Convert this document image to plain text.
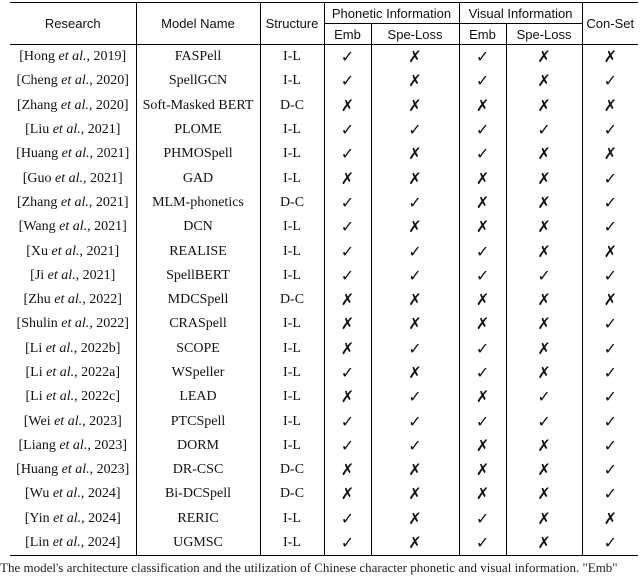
Research	Model Name	Structure	Phonetic Information		Visual Information		Con-Set
			Emb	Spe-Loss	Emb	Spe-Loss	
[Hong et al., 2019]	FASPell	I-L	✓	✗	✓	✗	✗
[Cheng et al., 2020]	SpellGCN	I-L	✓	✗	✓	✗	✓
[Zhang et al., 2020]	Soft-Masked BERT	D-C	✗	✗	✗	✗	✗
[Liu et al., 2021]	PLOME	I-L	✓	✓	✓	✓	✓
[Huang et al., 2021]	PHMOSpell	I-L	✓	✗	✓	✗	✗
[Guo et al., 2021]	GAD	I-L	✗	✗	✗	✗	✓
[Zhang et al., 2021]	MLM-phonetics	D-C	✓	✓	✗	✗	✓
[Wang et al., 2021]	DCN	I-L	✓	✗	✗	✗	✓
[Xu et al., 2021]	REALISE	I-L	✓	✓	✓	✗	✗
[Ji et al., 2021]	SpellBERT	I-L	✓	✓	✓	✓	✓
[Zhu et al., 2022]	MDCSpell	D-C	✗	✗	✗	✗	✗
[Shulin et al., 2022]	CRASpell	I-L	✗	✗	✗	✗	✓
[Li et al., 2022b]	SCOPE	I-L	✗	✓	✓	✗	✓
[Li et al., 2022a]	WSpeller	I-L	✓	✗	✓	✗	✓
[Li et al., 2022c]	LEAD	I-L	✗	✓	✗	✓	✓
[Wei et al., 2023]	PTCSpell	I-L	✓	✓	✓	✓	✓
[Liang et al., 2023]	DORM	I-L	✓	✓	✗	✗	✓
[Huang et al., 2023]	DR-CSC	D-C	✗	✗	✗	✗	✓
[Wu et al., 2024]	Bi-DCSpell	D-C	✗	✗	✗	✗	✓
[Yin et al., 2024]	RERIC	I-L	✓	✗	✓	✗	✗
[Lin et al., 2024]	UGMSC	I-L	✓	✗	✓	✗	✓
The model's architecture classification and the utilization of Chinese character phonetic and visual information. "Emb"
